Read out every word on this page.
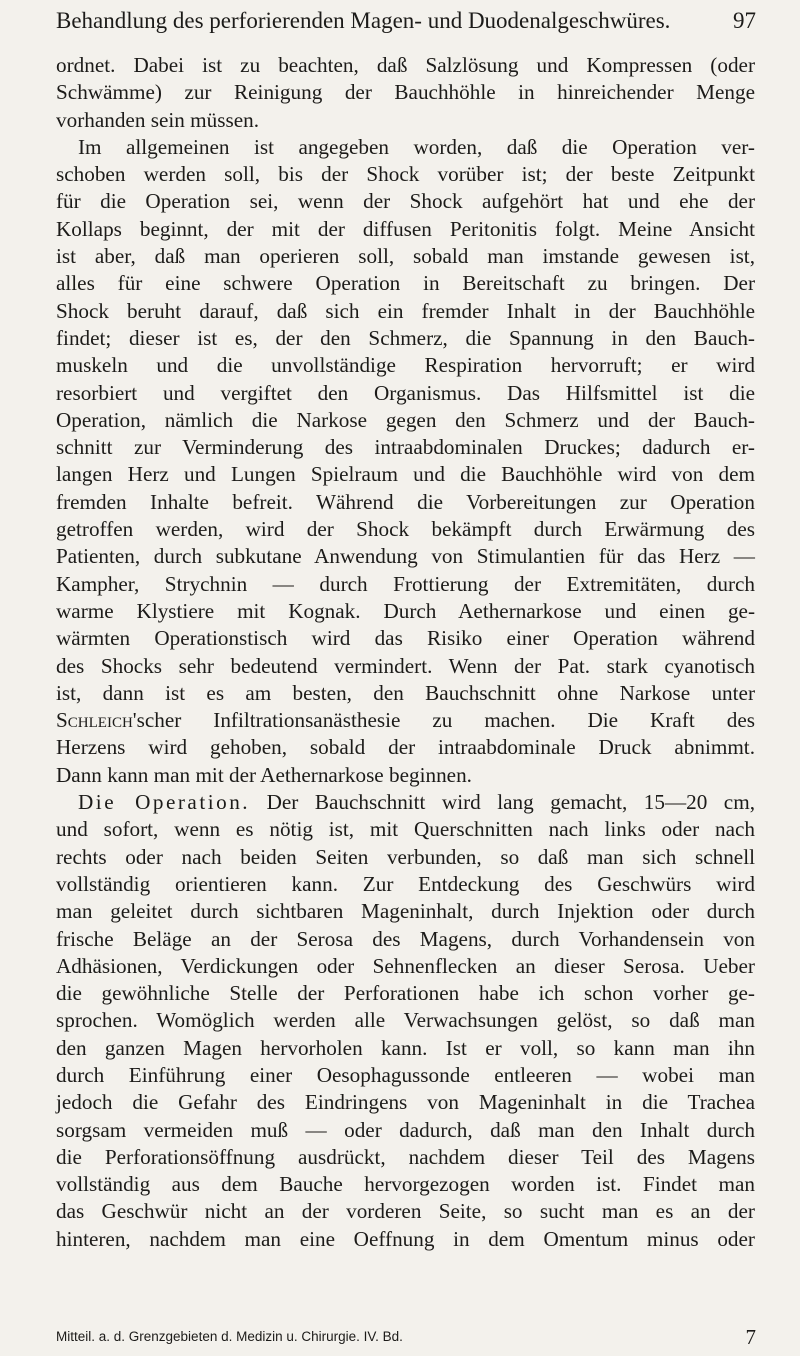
Behandlung des perforierenden Magen- und Duodenalgeschwüres.	97
ordnet. Dabei ist zu beachten, daß Salzlösung und Kompressen (oder
Schwämme) zur Reinigung der Bauchhöhle in hinreichender Menge
vorhanden sein müssen.
Im allgemeinen ist angegeben worden, daß die Operation ver-
schoben werden soll, bis der Shock vorüber ist; der beste Zeitpunkt
für die Operation sei, wenn der Shock aufgehört hat und ehe der
Kollaps beginnt, der mit der diffusen Peritonitis folgt. Meine Ansicht
ist aber, daß man operieren soll, sobald man imstande gewesen ist,
alles für eine schwere Operation in Bereitschaft zu bringen. Der
Shock beruht darauf, daß sich ein fremder Inhalt in der Bauchhöhle
findet; dieser ist es, der den Schmerz, die Spannung in den Bauch-
muskeln und die unvollständige Respiration hervorruft; er wird
resorbiert und vergiftet den Organismus. Das Hilfsmittel ist die
Operation, nämlich die Narkose gegen den Schmerz und der Bauch-
schnitt zur Verminderung des intraabdominalen Druckes; dadurch er-
langen Herz und Lungen Spielraum und die Bauchhöhle wird von dem
fremden Inhalte befreit. Während die Vorbereitungen zur Operation
getroffen werden, wird der Shock bekämpft durch Erwärmung des
Patienten, durch subkutane Anwendung von Stimulantien für das Herz —
Kampher, Strychnin — durch Frottierung der Extremitäten, durch
warme Klystiere mit Kognak. Durch Aethernarkose und einen ge-
wärmten Operationstisch wird das Risiko einer Operation während
des Shocks sehr bedeutend vermindert. Wenn der Pat. stark cyanotisch
ist, dann ist es am besten, den Bauchschnitt ohne Narkose unter
Schleich'scher Infiltrationsanästhesie zu machen. Die Kraft des
Herzens wird gehoben, sobald der intraabdominale Druck abnimmt.
Dann kann man mit der Aethernarkose beginnen.
Die Operation. Der Bauchschnitt wird lang gemacht, 15—20 cm,
und sofort, wenn es nötig ist, mit Querschnitten nach links oder nach
rechts oder nach beiden Seiten verbunden, so daß man sich schnell
vollständig orientieren kann. Zur Entdeckung des Geschwürs wird
man geleitet durch sichtbaren Mageninhalt, durch Injektion oder durch
frische Beläge an der Serosa des Magens, durch Vorhandensein von
Adhäsionen, Verdickungen oder Sehnenflecken an dieser Serosa. Ueber
die gewöhnliche Stelle der Perforationen habe ich schon vorher ge-
sprochen. Womöglich werden alle Verwachsungen gelöst, so daß man
den ganzen Magen hervorholen kann. Ist er voll, so kann man ihn
durch Einführung einer Oesophagussonde entleeren — wobei man
jedoch die Gefahr des Eindringens von Mageninhalt in die Trachea
sorgsam vermeiden muß — oder dadurch, daß man den Inhalt durch
die Perforationsöffnung ausdrückt, nachdem dieser Teil des Magens
vollständig aus dem Bauche hervorgezogen worden ist. Findet man
das Geschwür nicht an der vorderen Seite, so sucht man es an der
hinteren, nachdem man eine Oeffnung in dem Omentum minus oder
Mitteil. a. d. Grenzgebieten d. Medizin u. Chirurgie. IV. Bd.	7
